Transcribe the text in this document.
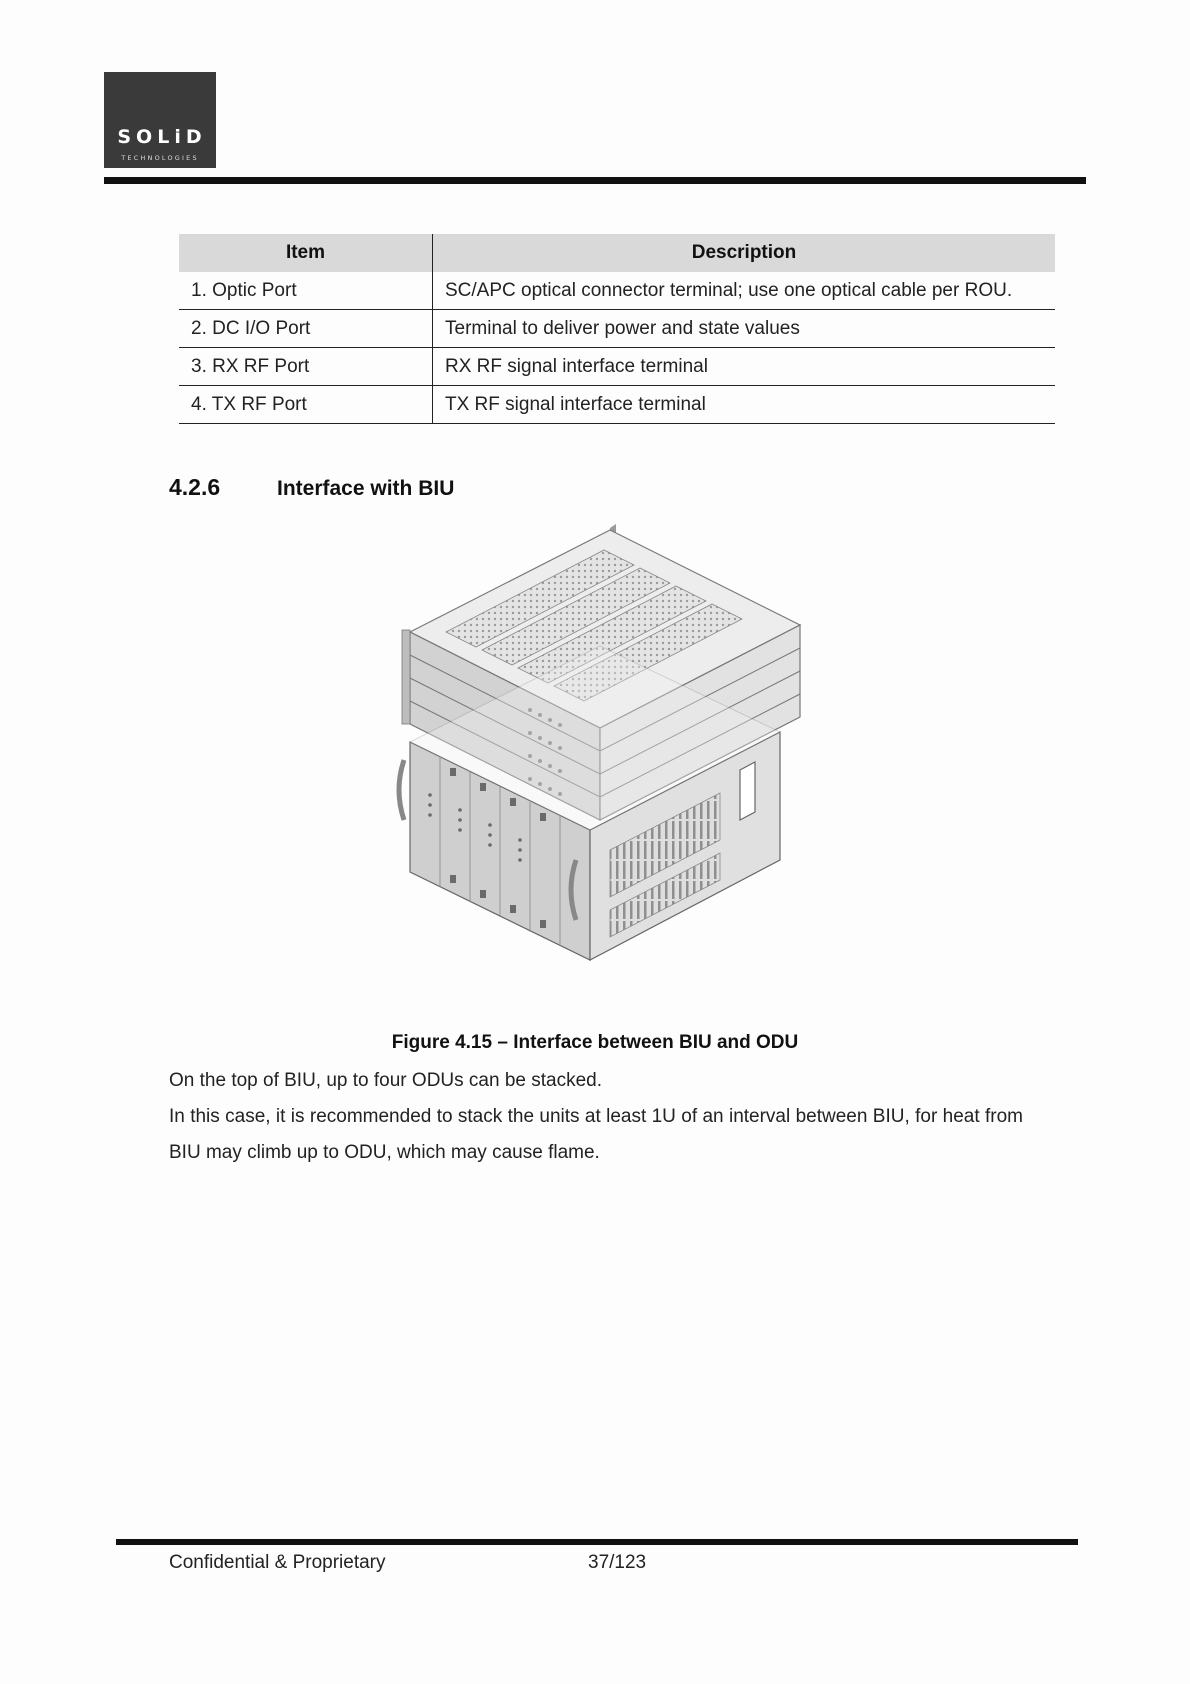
SOLiD
TECHNOLOGIES
Item	Description
1. Optic Port	SC/APC optical connector terminal; use one optical cable per ROU.
2. DC I/O Port	Terminal to deliver power and state values
3. RX RF Port	RX RF signal interface terminal
4. TX RF Port	TX RF signal interface terminal
4.2.6	Interface with BIU
Figure 4.15 – Interface between BIU and ODU
On the top of BIU, up to four ODUs can be stacked.
In this case, it is recommended to stack the units at least 1U of an interval between BIU, for heat from BIU may climb up to ODU, which may cause flame.
Confidential & Proprietary	37/123
